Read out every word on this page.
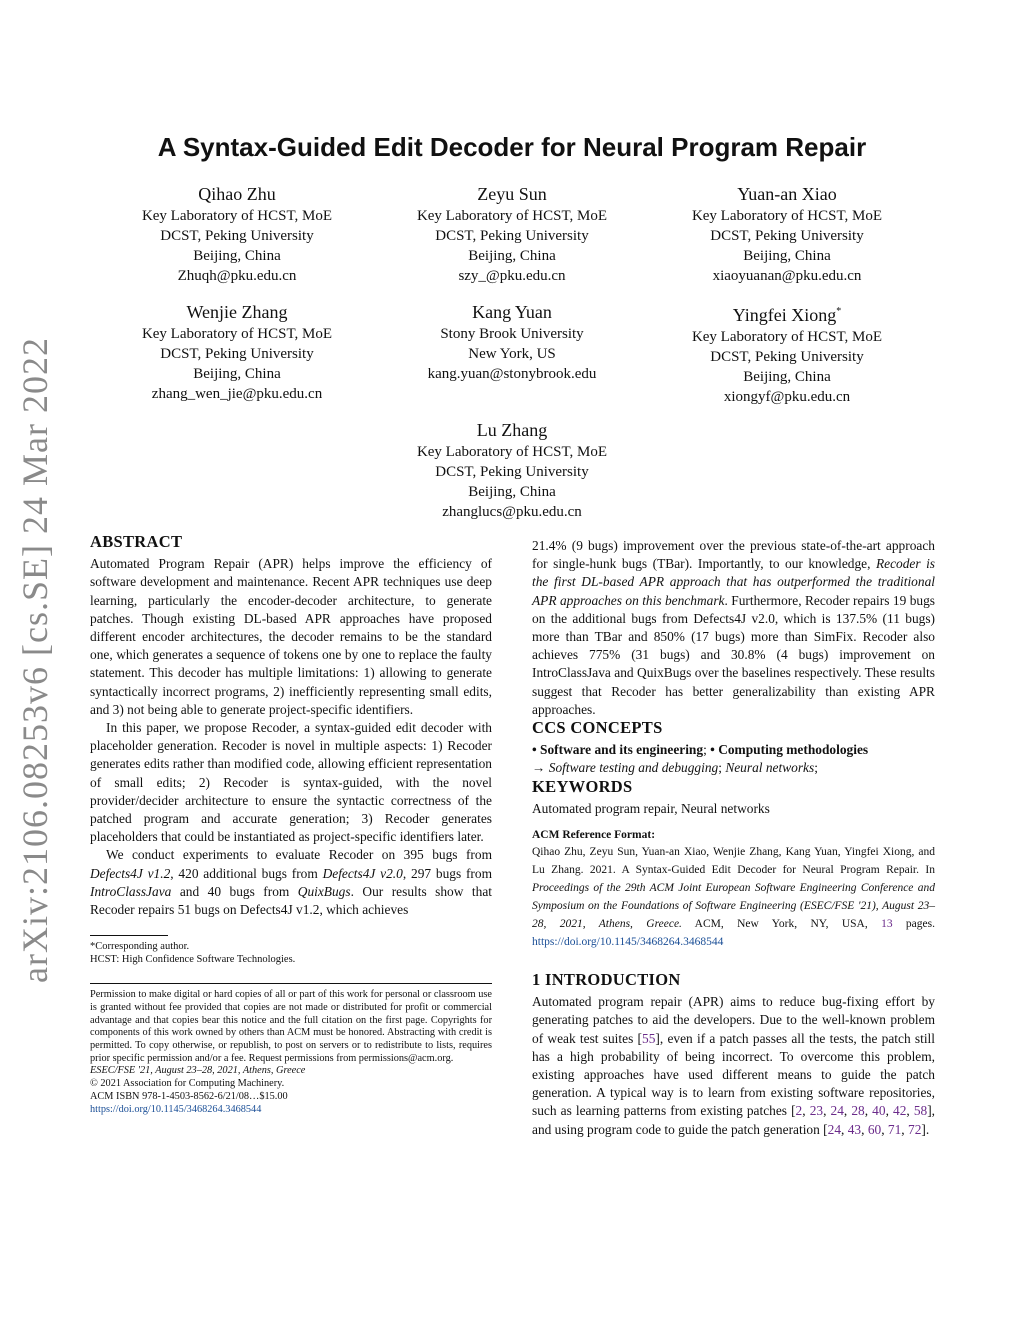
arXiv:2106.08253v6 [cs.SE] 24 Mar 2022
A Syntax-Guided Edit Decoder for Neural Program Repair
Qihao Zhu
Key Laboratory of HCST, MoE
DCST, Peking University
Beijing, China
Zhuqh@pku.edu.cn
Zeyu Sun
Key Laboratory of HCST, MoE
DCST, Peking University
Beijing, China
szy_@pku.edu.cn
Yuan-an Xiao
Key Laboratory of HCST, MoE
DCST, Peking University
Beijing, China
xiaoyuanan@pku.edu.cn
Wenjie Zhang
Key Laboratory of HCST, MoE
DCST, Peking University
Beijing, China
zhang_wen_jie@pku.edu.cn
Kang Yuan
Stony Brook University
New York, US
kang.yuan@stonybrook.edu
Yingfei Xiong*
Key Laboratory of HCST, MoE
DCST, Peking University
Beijing, China
xiongyf@pku.edu.cn
Lu Zhang
Key Laboratory of HCST, MoE
DCST, Peking University
Beijing, China
zhanglucs@pku.edu.cn
ABSTRACT

Automated Program Repair (APR) helps improve the efficiency of software development and maintenance. Recent APR techniques use deep learning, particularly the encoder-decoder architecture, to generate patches. Though existing DL-based APR approaches have proposed different encoder architectures, the decoder remains to be the standard one, which generates a sequence of tokens one by one to replace the faulty statement. This decoder has multiple limitations: 1) allowing to generate syntactically incorrect programs, 2) inefficiently representing small edits, and 3) not being able to generate project-specific identifiers.

In this paper, we propose Recoder, a syntax-guided edit decoder with placeholder generation. Recoder is novel in multiple aspects: 1) Recoder generates edits rather than modified code, allowing efficient representation of small edits; 2) Recoder is syntax-guided, with the novel provider/decider architecture to ensure the syntactic correctness of the patched program and accurate generation; 3) Recoder generates placeholders that could be instantiated as project-specific identifiers later.

We conduct experiments to evaluate Recoder on 395 bugs from Defects4J v1.2, 420 additional bugs from Defects4J v2.0, 297 bugs from IntroClassJava and 40 bugs from QuixBugs. Our results show that Recoder repairs 51 bugs on Defects4J v1.2, which achieves

*Corresponding author.
HCST: High Confidence Software Technologies.
Permission to make digital or hard copies of all or part of this work for personal or classroom use is granted without fee provided that copies are not made or distributed for profit or commercial advantage and that copies bear this notice and the full citation on the first page. Copyrights for components of this work owned by others than ACM must be honored. Abstracting with credit is permitted. To copy otherwise, or republish, to post on servers or to redistribute to lists, requires prior specific permission and/or a fee. Request permissions from permissions@acm.org.
ESEC/FSE '21, August 23–28, 2021, Athens, Greece
© 2021 Association for Computing Machinery.
ACM ISBN 978-1-4503-8562-6/21/08…$15.00
https://doi.org/10.1145/3468264.3468544

21.4% (9 bugs) improvement over the previous state-of-the-art approach for single-hunk bugs (TBar). Importantly, to our knowledge, Recoder is the first DL-based APR approach that has outperformed the traditional APR approaches on this benchmark. Furthermore, Recoder repairs 19 bugs on the additional bugs from Defects4J v2.0, which is 137.5% (11 bugs) more than TBar and 850% (17 bugs) more than SimFix. Recoder also achieves 775% (31 bugs) and 30.8% (4 bugs) improvement on IntroClassJava and QuixBugs over the baselines respectively. These results suggest that Recoder has better generalizability than existing APR approaches.

CCS CONCEPTS

• Software and its engineering; • Computing methodologies
→ Software testing and debugging; Neural networks;

KEYWORDS

Automated program repair, Neural networks

ACM Reference Format:

Qihao Zhu, Zeyu Sun, Yuan-an Xiao, Wenjie Zhang, Kang Yuan, Yingfei Xiong, and Lu Zhang. 2021. A Syntax-Guided Edit Decoder for Neural Program Repair. In Proceedings of the 29th ACM Joint European Software Engineering Conference and Symposium on the Foundations of Software Engineering (ESEC/FSE '21), August 23–28, 2021, Athens, Greece. ACM, New York, NY, USA, 13 pages. https://doi.org/10.1145/3468264.3468544

1 INTRODUCTION

Automated program repair (APR) aims to reduce bug-fixing effort by generating patches to aid the developers. Due to the well-known problem of weak test suites [55], even if a patch passes all the tests, the patch still has a high probability of being incorrect. To overcome this problem, existing approaches have used different means to guide the patch generation. A typical way is to learn from existing software repositories, such as learning patterns from existing patches [2, 23, 24, 28, 40, 42, 58], and using program code to guide the patch generation [24, 43, 60, 71, 72].
